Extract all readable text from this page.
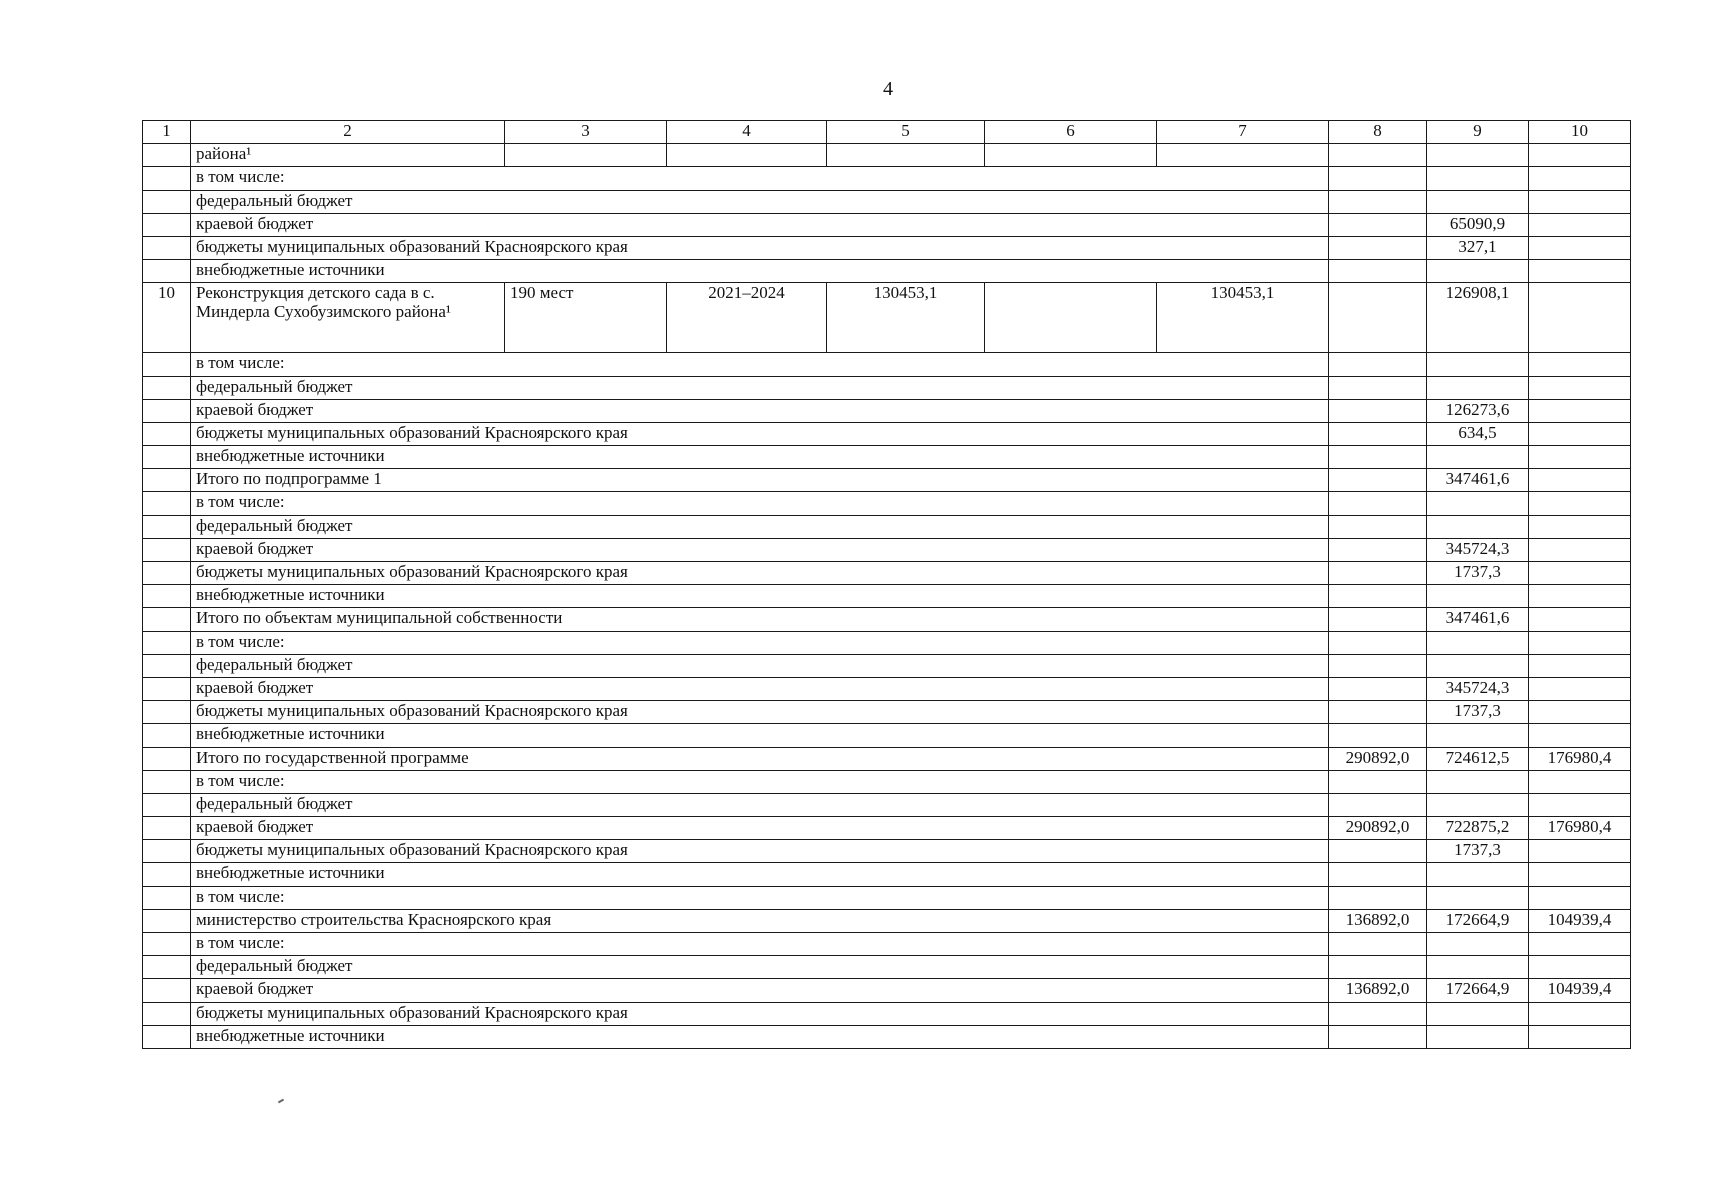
4
1	2	3	4	5	6	7	8	9	10
	района¹								
	в том числе:								
	федеральный бюджет								
	краевой бюджет							65090,9	
	бюджеты муниципальных образований Красноярского края							327,1	
	внебюджетные источники								
10	Реконструкция детского сада в с. Миндерла Сухобузимского района¹	190 мест	2021–2024	130453,1		130453,1		126908,1	
	в том числе:								
	федеральный бюджет								
	краевой бюджет							126273,6	
	бюджеты муниципальных образований Красноярского края							634,5	
	внебюджетные источники								
	Итого по подпрограмме 1							347461,6	
	в том числе:								
	федеральный бюджет								
	краевой бюджет							345724,3	
	бюджеты муниципальных образований Красноярского края							1737,3	
	внебюджетные источники								
	Итого по объектам муниципальной собственности							347461,6	
	в том числе:								
	федеральный бюджет								
	краевой бюджет							345724,3	
	бюджеты муниципальных образований Красноярского края							1737,3	
	внебюджетные источники								
	Итого по государственной программе						290892,0	724612,5	176980,4
	в том числе:								
	федеральный бюджет								
	краевой бюджет						290892,0	722875,2	176980,4
	бюджеты муниципальных образований Красноярского края							1737,3	
	внебюджетные источники								
	в том числе:								
	министерство строительства Красноярского края						136892,0	172664,9	104939,4
	в том числе:								
	федеральный бюджет								
	краевой бюджет						136892,0	172664,9	104939,4
	бюджеты муниципальных образований Красноярского края								
	внебюджетные источники								
